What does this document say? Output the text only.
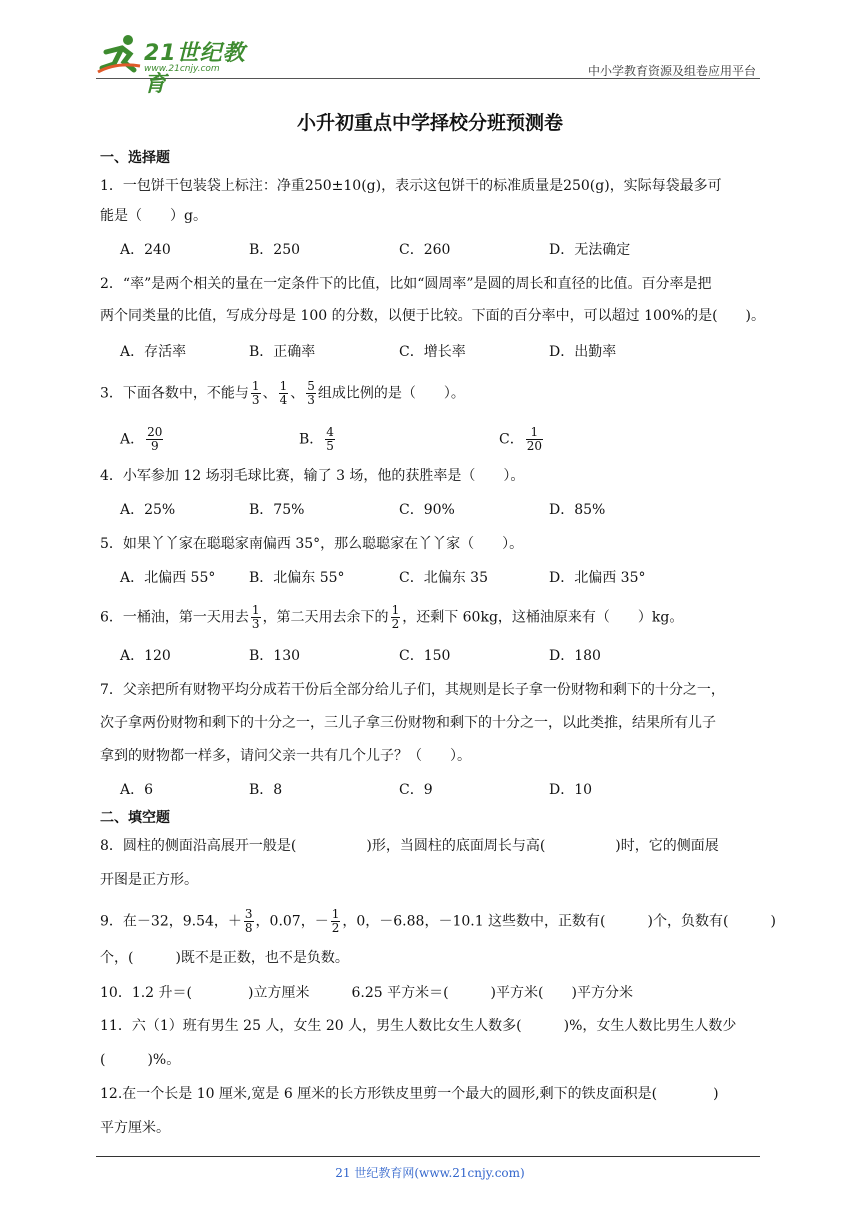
21世纪教育
www.21cnjy.com	中小学教育资源及组卷应用平台
小升初重点中学择校分班预测卷
一、选择题
1．一包饼干包装袋上标注：净重250±10(g)，表示这包饼干的标准质量是250(g)，实际每袋最多可
能是（　　）g。
A．240	B．250	C．260	D．无法确定
2．“率”是两个相关的量在一定条件下的比值，比如“圆周率”是圆的周长和直径的比值。百分率是把
两个同类量的比值，写成分母是 100 的分数，以便于比较。下面的百分率中，可以超过 100%的是(　　)。
A．存活率	B．正确率	C．增长率	D．出勤率
3．下面各数中，不能与 $\frac{1}{3}$ 、 $\frac{1}{4}$ 、 $\frac{5}{3}$ 组成比例的是（　　）。
A． $\frac{20}{9}$	B． $\frac{4}{5}$	C． $\frac{1}{20}$
4．小军参加 12 场羽毛球比赛，输了 3 场，他的获胜率是（　　）。
A．25%	B．75%	C．90%	D．85%
5．如果丫丫家在聪聪家南偏西 35°，那么聪聪家在丫丫家（　　）。
A．北偏西 55° B．北偏东 55°	C．北偏东 35	D．北偏西 35°
6．一桶油，第一天用去 $\frac{1}{3}$ ，第二天用去余下的 $\frac{1}{2}$ ，还剩下 60kg，这桶油原来有（　　）kg。
A．120	B．130	C．150	D．180
7．父亲把所有财物平均分成若干份后全部分给儿子们，其规则是长子拿一份财物和剩下的十分之一，
次子拿两份财物和剩下的十分之一，三儿子拿三份财物和剩下的十分之一，以此类推，结果所有儿子
拿到的财物都一样多，请问父亲一共有几个儿子？（　　）。
A．6	B．8	C．9	D．10
二、填空题
8．圆柱的侧面沿高展开一般是(　　　　　)形，当圆柱的底面周长与高(　　　　　)时，它的侧面展
开图是正方形。
9．在－32，9.54，＋ $\frac{3}{8}$ ，0.07，－ $\frac{1}{2}$ ，0，－6.88，－10.1 这些数中，正数有(　　　)个，负数有(　　　)
个，(　　　)既不是正数，也不是负数。
10．1.2 升＝(　　　　)立方厘米　　　6.25 平方米＝(　　　)平方米(　　)平方分米
11．六（1）班有男生 25 人，女生 20 人，男生人数比女生人数多(　　　)%，女生人数比男生人数少
(　　　)%。
12.在一个长是 10 厘米,宽是 6 厘米的长方形铁皮里剪一个最大的圆形,剩下的铁皮面积是(　　　　)
平方厘米。
21 世纪教育网(www.21cnjy.com)
